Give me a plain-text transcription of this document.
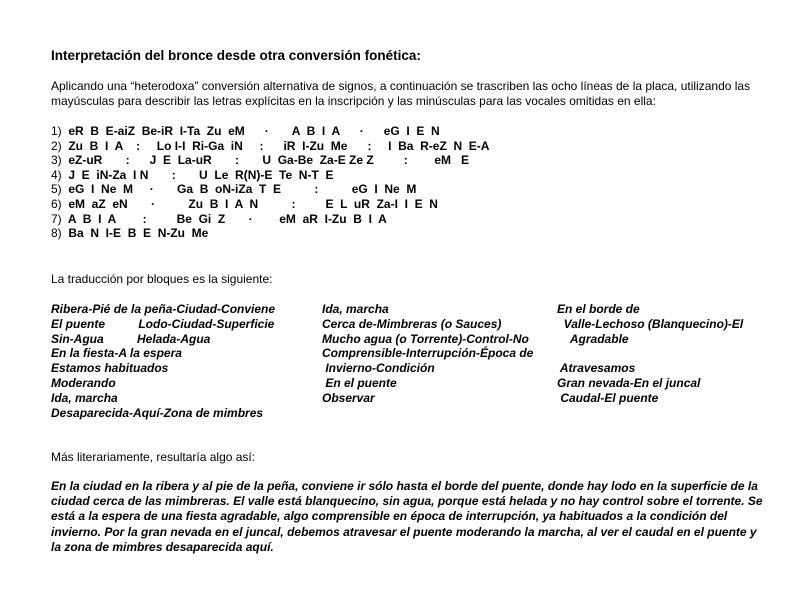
Interpretación del bronce desde otra conversión fonética:
Aplicando una “heterodoxa” conversión alternativa de signos, a continuación se trascriben las ocho líneas de la placa, utilizando las mayúsculas para describir las letras explícitas en la inscripción y las minúsculas para las vocales omitidas en ella:
1) eR  B  E-aiZ  Be-iR  I-Ta  Zu  eM      ·       A  B  I  A      ·      eG  I  E  N
2) Zu  B  I  A    :     Lo I-I  Ri-Ga  iN     :      iR  I-Zu  Me      :     I  Ba  R-eZ  N  E-A
3) eZ-uR       :      J  E  La-uR       :       U  Ga-Be  Za-E Ze Z         :        eM   E
4) J  E  iN-Za  I N       :       U  Le  R(N)-E  Te  N-T  E
5) eG  I  Ne  M     ·       Ga  B  oN-iZa  T  E          :          eG  I  Ne  M
6) eM  aZ  eN       ·          Zu  B  I  A  N          :         E  L  uR  Za-I  I  E  N
7) A  B  I  A        :         Be  Gi  Z       ·        eM  aR  I-Zu  B  I  A
8) Ba  N  I-E  B  E  N-Zu  Me
La traducción por bloques es la siguiente:
Ribera-Pié de la peña-Ciudad-Conviene
El puente          Lodo-Ciudad-Superficie
Sin-Agua          Helada-Agua
En la fiesta-A la espera
Estamos habituados
Moderando
Ida, marcha
Desaparecida-Aquí-Zona de mimbres
Ida, marcha
Cerca de-Mimbreras (o Sauces)
Mucho agua (o Torrente)-Control-No
Comprensible-Interrupción-Época de
Invierno-Condición
En el puente
Observar
En el borde de
Valle-Lechoso (Blanquecino)-El
Agradable
Atravesamos
Gran nevada-En el juncal
Caudal-El puente
Más literariamente, resultaría algo así:
En la ciudad en la ribera y al pie de la peña, conviene ir sólo hasta el borde del puente, donde hay lodo en la superficie de la ciudad cerca de las mimbreras. El valle está blanquecino, sin agua, porque está helada y no hay control sobre el torrente. Se está a la espera de una fiesta agradable, algo comprensible en época de interrupción, ya habituados a la condición del invierno. Por la gran nevada en el juncal, debemos atravesar el puente moderando la marcha, al ver el caudal en el puente y la zona de mimbres desaparecida aquí.
